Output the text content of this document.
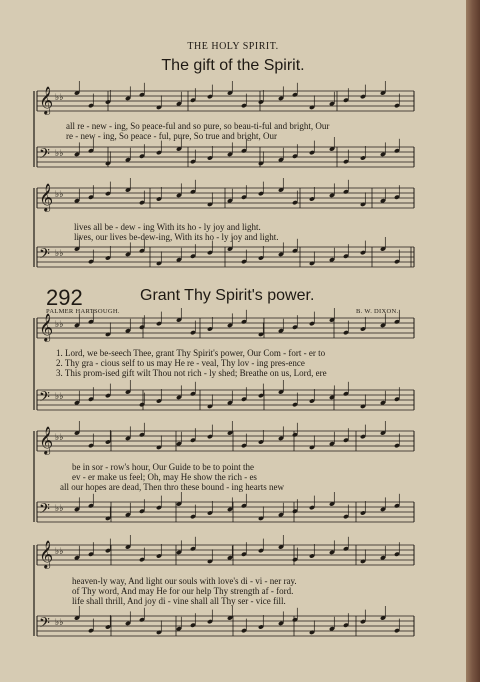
THE HOLY SPIRIT.
The gift of the Spirit.
all re - new - ing, So peace-ful and so pure, so beau-ti-ful and bright, Our
re - new - ing, So peace - ful, pure, So true and bright, Our
lives all be - dew - ing With its ho - ly joy and light.
lives, our lives be-dew-ing, With its ho - ly joy and light.
292	Grant Thy Spirit's power.
PALMER HARTSOUGH.	B. W. DIXON.
1. Lord, we be-seech Thee, grant Thy Spirit's power, Our Com - fort - er to
2. Thy gra - cious self to us may He re - veal, Thy lov - ing pres-ence
3. This prom-ised gift wilt Thou not rich - ly shed; Breathe on us, Lord, ere
be in sor - row's hour, Our Guide to be to point the
ev - er make us feel; Oh, may He show the rich - es
all our hopes are dead, Then thro these bound - ing hearts new
heaven-ly way, And light our souls with love's di - vi - ner ray.
of Thy word, And may He for our help Thy strength af - ford.
life shall thrill, And joy di - vine shall all Thy ser - vice fill.
𝄞 ♭♭
𝄢 ♭♭
𝄞 ♭♭
𝄢 ♭♭
𝄞 ♭♭
𝄢 ♭♭
𝄞 ♭♭
𝄢 ♭♭
𝄞 ♭♭
𝄢 ♭♭
